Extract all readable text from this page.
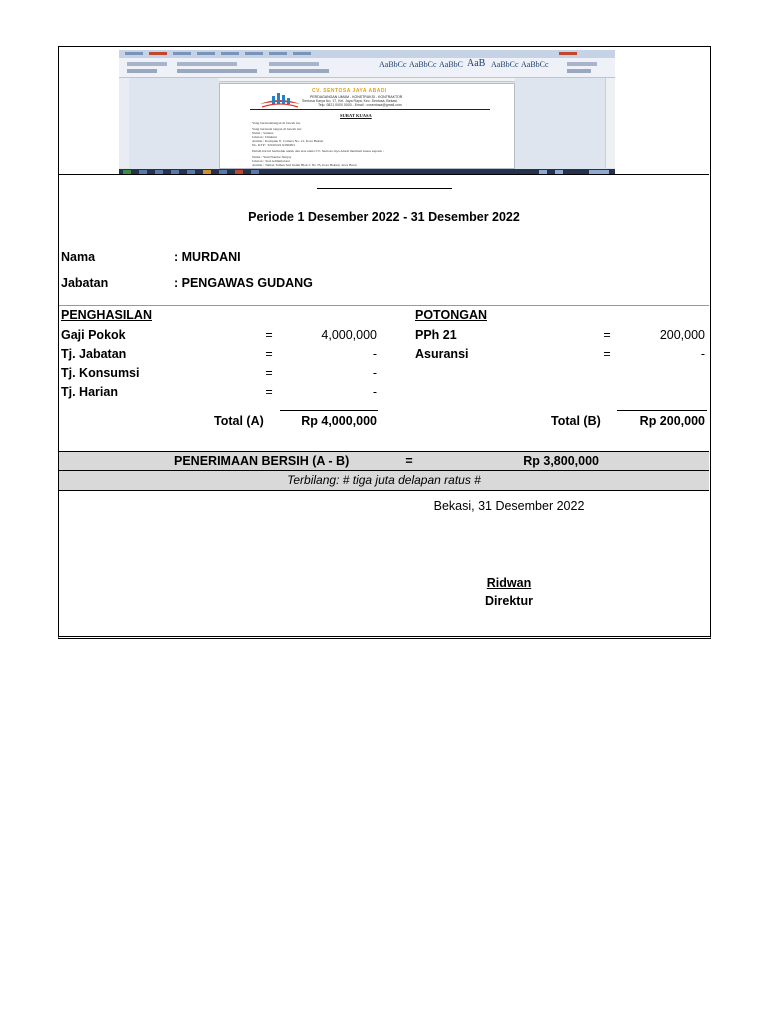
AaBbCc AaBbCc AaBbC AaB AaBbCc AaBbCc
CV. SENTOSA JAYA ABADI
PERDAGANGAN UMUM - KONSTRUKSI - KONTRAKTOR
Sentosa Karya No. 17, Kel. Jaya Raya, Kec. Sentosa, Bekasi
Telp. 0821 0000 0000 - Email : cvsentosa@gmail.com
SURAT KUASA
Yang bertandatangan di bawah ini,
Yang bertanda tangan di bawah ini :
Nama : Sutisna
Jabatan : Direktur
Alamat : Komplek Jl. Cemara No. 21, Kota Bekasi
No. KTP : 3201022211090001
Dalam hal ini bertindak untuk dan atas nama CV. Sentosa Jaya Abadi memberi kuasa kepada :
Nama : Yuni Nandar Sunjay
Jabatan : Staf Administrasi
Alamat : Taman Taman Sari Indah Blok C No 35, Kota Bekasi, Jawa Barat
No. KTP : 3201011100000000
Periode 1 Desember 2022 - 31 Desember 2022
Nama	: MURDANI
Jabatan	: PENGAWAS GUDANG
PENGHASILAN
Gaji Pokok	=	4,000,000
Tj. Jabatan	=	-
Tj. Konsumsi	=	-
Tj. Harian	=	-
Total (A)	Rp 4,000,000
POTONGAN
PPh 21	=	200,000
Asuransi	=	-
Total (B)	Rp 200,000
PENERIMAAN BERSIH (A - B)	=	Rp 3,800,000
Terbilang: # tiga juta delapan ratus #
Bekasi, 31 Desember 2022
Ridwan
Direktur
